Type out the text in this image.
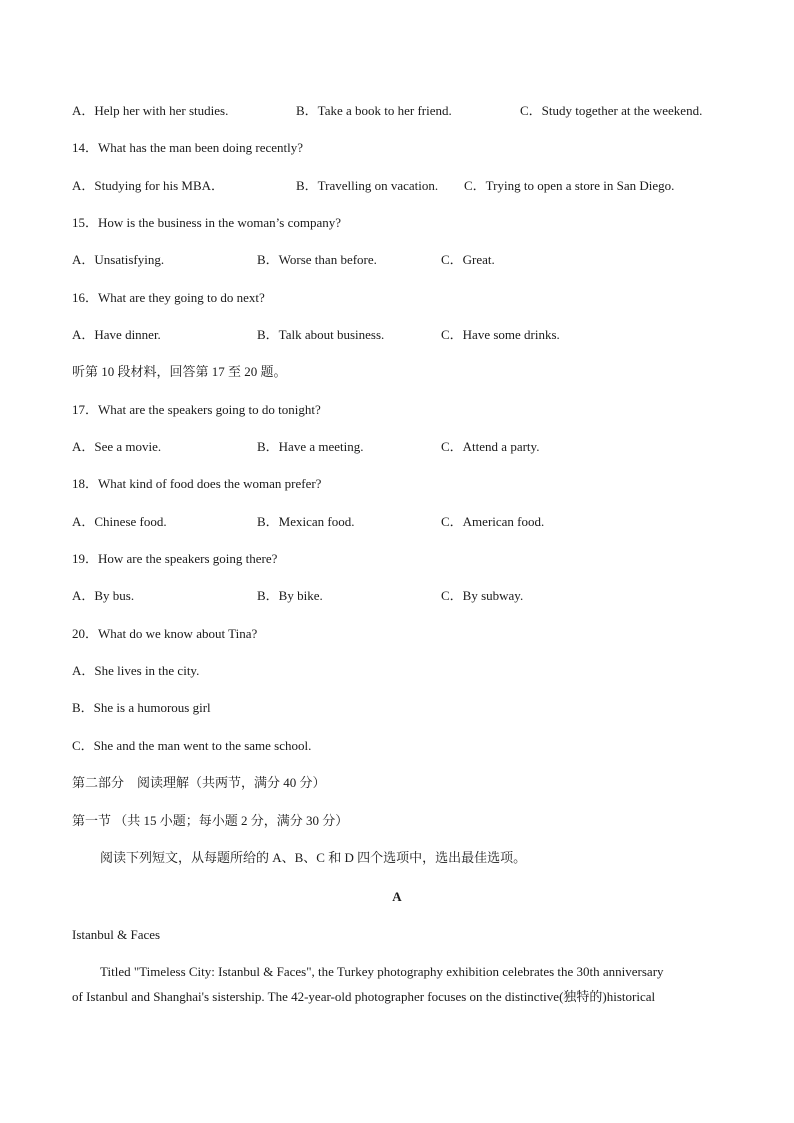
A．Help her with her studies.	B．Take a book to her friend.	C．Study together at the weekend.
14．What has the man been doing recently?
A．Studying for his MBA．	B．Travelling on vacation. C．Trying to open a store in San Diego.
15．How is the business in the woman’s company?
A．Unsatisfying.	B．Worse than before.	C．Great.
16．What are they going to do next?
A．Have dinner.	B．Talk about business.	C．Have some drinks.
听第 10 段材料，回答第 17 至 20 题。
17．What are the speakers going to do tonight?
A．See a movie.	B．Have a meeting.	C．Attend a party.
18．What kind of food does the woman prefer?
A．Chinese food.	B．Mexican food.	C．American food.
19．How are the speakers going there?
A．By bus.	B．By bike.	C．By subway.
20．What do we know about Tina?
A．She lives in the city.
B．She is a humorous girl
C．She and the man went to the same school.
第二部分　阅读理解（共两节，满分 40 分）
第一节 （共 15 小题；每小题 2 分，满分 30 分）
阅读下列短文，从每题所给的 A、B、C 和 D 四个选项中，选出最佳选项。
A
Istanbul & Faces
Titled "Timeless City: Istanbul & Faces", the Turkey photography exhibition celebrates the 30th anniversary
of Istanbul and Shanghai's sistership. The 42-year-old photographer focuses on the distinctive(独特的)historical
